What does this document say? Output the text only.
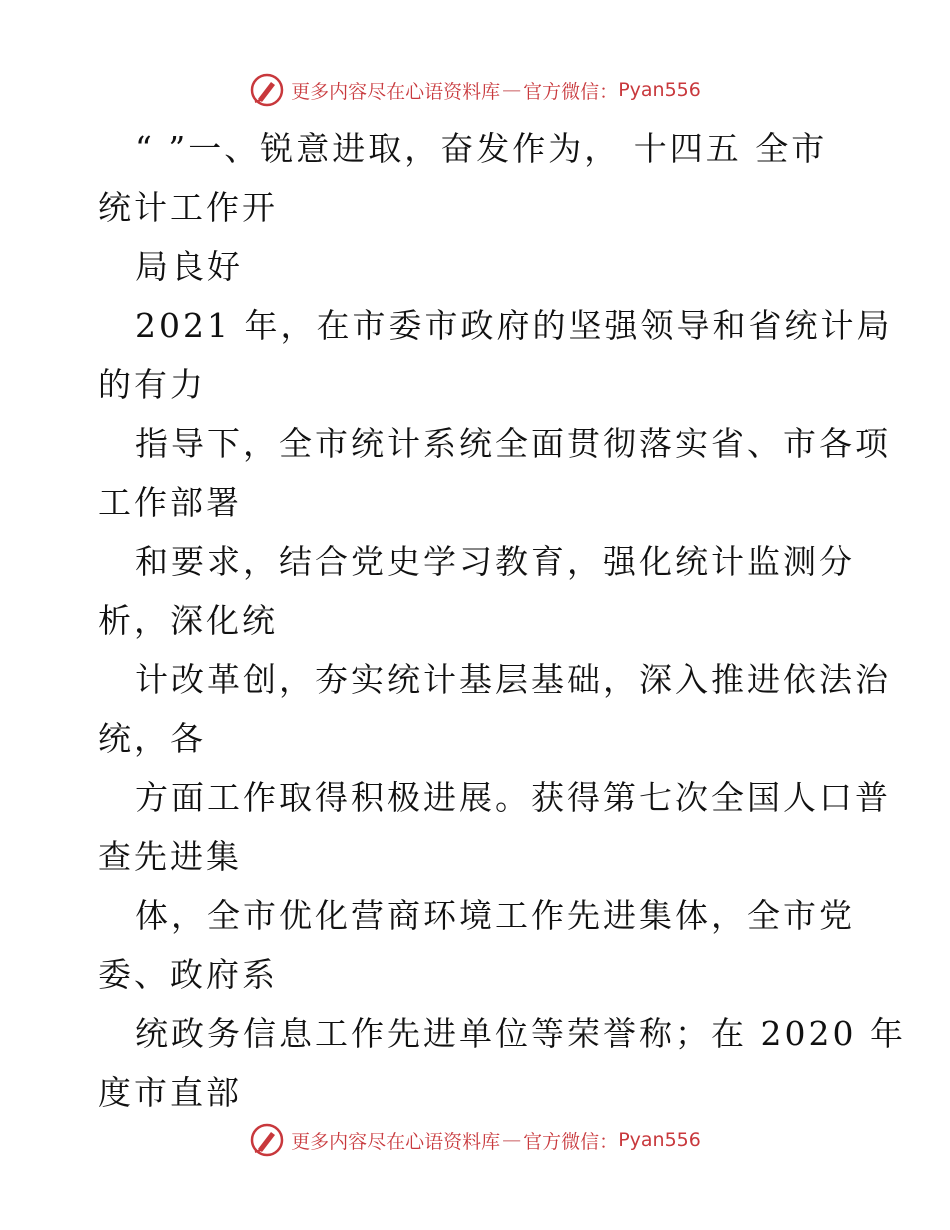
更多内容尽在心语资料库 — 官方微信： Pyan556
“ ”一、锐意进取，奋发作为， 十四五 全市
统计工作开
局良好
2021 年，在市委市政府的坚强领导和省统计局
的有力
指导下，全市统计系统全面贯彻落实省、市各项
工作部署
和要求，结合党史学习教育，强化统计监测分
析，深化统
计改革创，夯实统计基层基础，深入推进依法治
统，各
方面工作取得积极进展。获得第七次全国人口普
查先进集
体，全市优化营商环境工作先进集体，全市党
委、政府系
统政务信息工作先进单位等荣誉称；在 2020 年
度市直部
更多内容尽在心语资料库 — 官方微信： Pyan556
